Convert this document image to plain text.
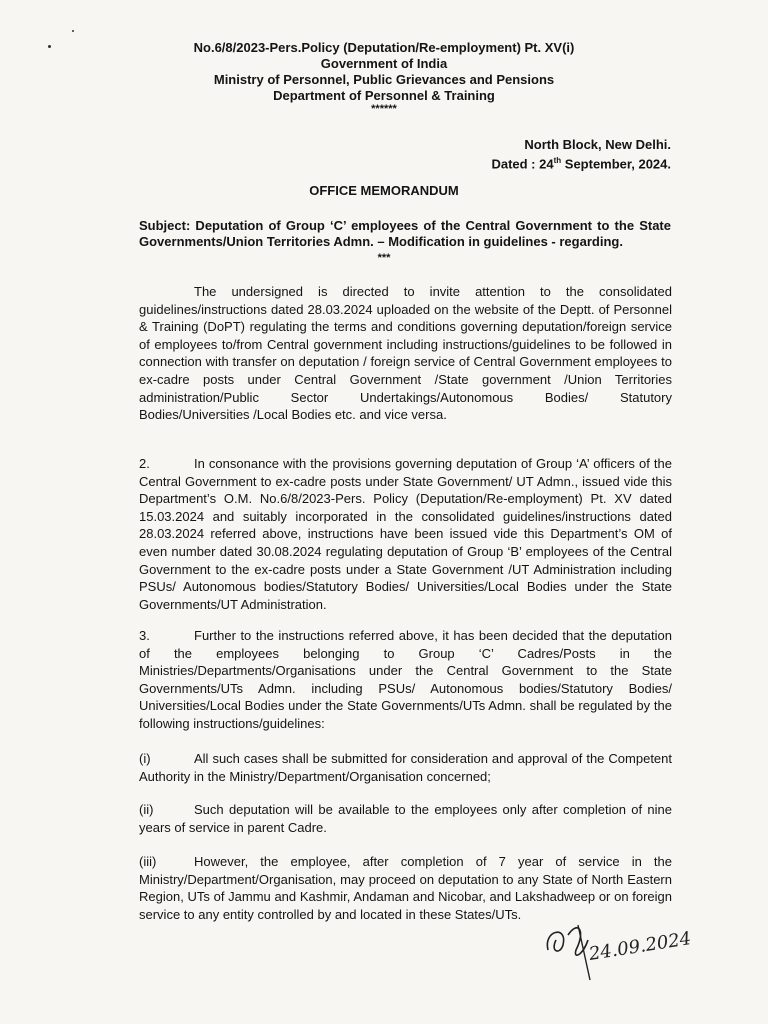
No.6/8/2023-Pers.Policy (Deputation/Re-employment) Pt. XV(i)
Government of India
Ministry of Personnel, Public Grievances and Pensions
Department of Personnel & Training
******
North Block, New Delhi.
Dated : 24th September, 2024.
OFFICE MEMORANDUM
Subject: Deputation of Group ‘C’ employees of the Central Government to the State Governments/Union Territories Admn. – Modification in guidelines - regarding.
***
The undersigned is directed to invite attention to the consolidated guidelines/instructions dated 28.03.2024 uploaded on the website of the Deptt. of Personnel & Training (DoPT) regulating the terms and conditions governing deputation/foreign service of employees to/from Central government including instructions/guidelines to be followed in connection with transfer on deputation / foreign service of Central Government employees to ex-cadre posts under Central Government /State government /Union Territories administration/Public Sector Undertakings/Autonomous Bodies/ Statutory Bodies/Universities /Local Bodies etc. and vice versa.
2.	In consonance with the provisions governing deputation of Group ‘A’ officers of the Central Government to ex-cadre posts under State Government/ UT Admn., issued vide this Department’s O.M. No.6/8/2023-Pers. Policy (Deputation/Re-employment) Pt. XV dated 15.03.2024 and suitably incorporated in the consolidated guidelines/instructions dated 28.03.2024 referred above, instructions have been issued vide this Department’s OM of even number dated 30.08.2024 regulating deputation of Group ‘B’ employees of the Central Government to the ex-cadre posts under a State Government /UT Administration including PSUs/ Autonomous bodies/Statutory Bodies/ Universities/Local Bodies under the State Governments/UT Administration.
3.	Further to the instructions referred above, it has been decided that the deputation of the employees belonging to Group ‘C’ Cadres/Posts in the Ministries/Departments/Organisations under the Central Government to the State Governments/UTs Admn. including PSUs/ Autonomous bodies/Statutory Bodies/ Universities/Local Bodies under the State Governments/UTs Admn. shall be regulated by the following instructions/guidelines:
(i)	All such cases shall be submitted for consideration and approval of the Competent Authority in the Ministry/Department/Organisation concerned;
(ii)	Such deputation will be available to the employees only after completion of nine years of service in parent Cadre.
(iii)	However, the employee, after completion of 7 year of service in the Ministry/Department/Organisation, may proceed on deputation to any State of North Eastern Region, UTs of Jammu and Kashmir, Andaman and Nicobar, and Lakshadweep or on foreign service to any entity controlled by and located in these States/UTs.
24.09.2024
